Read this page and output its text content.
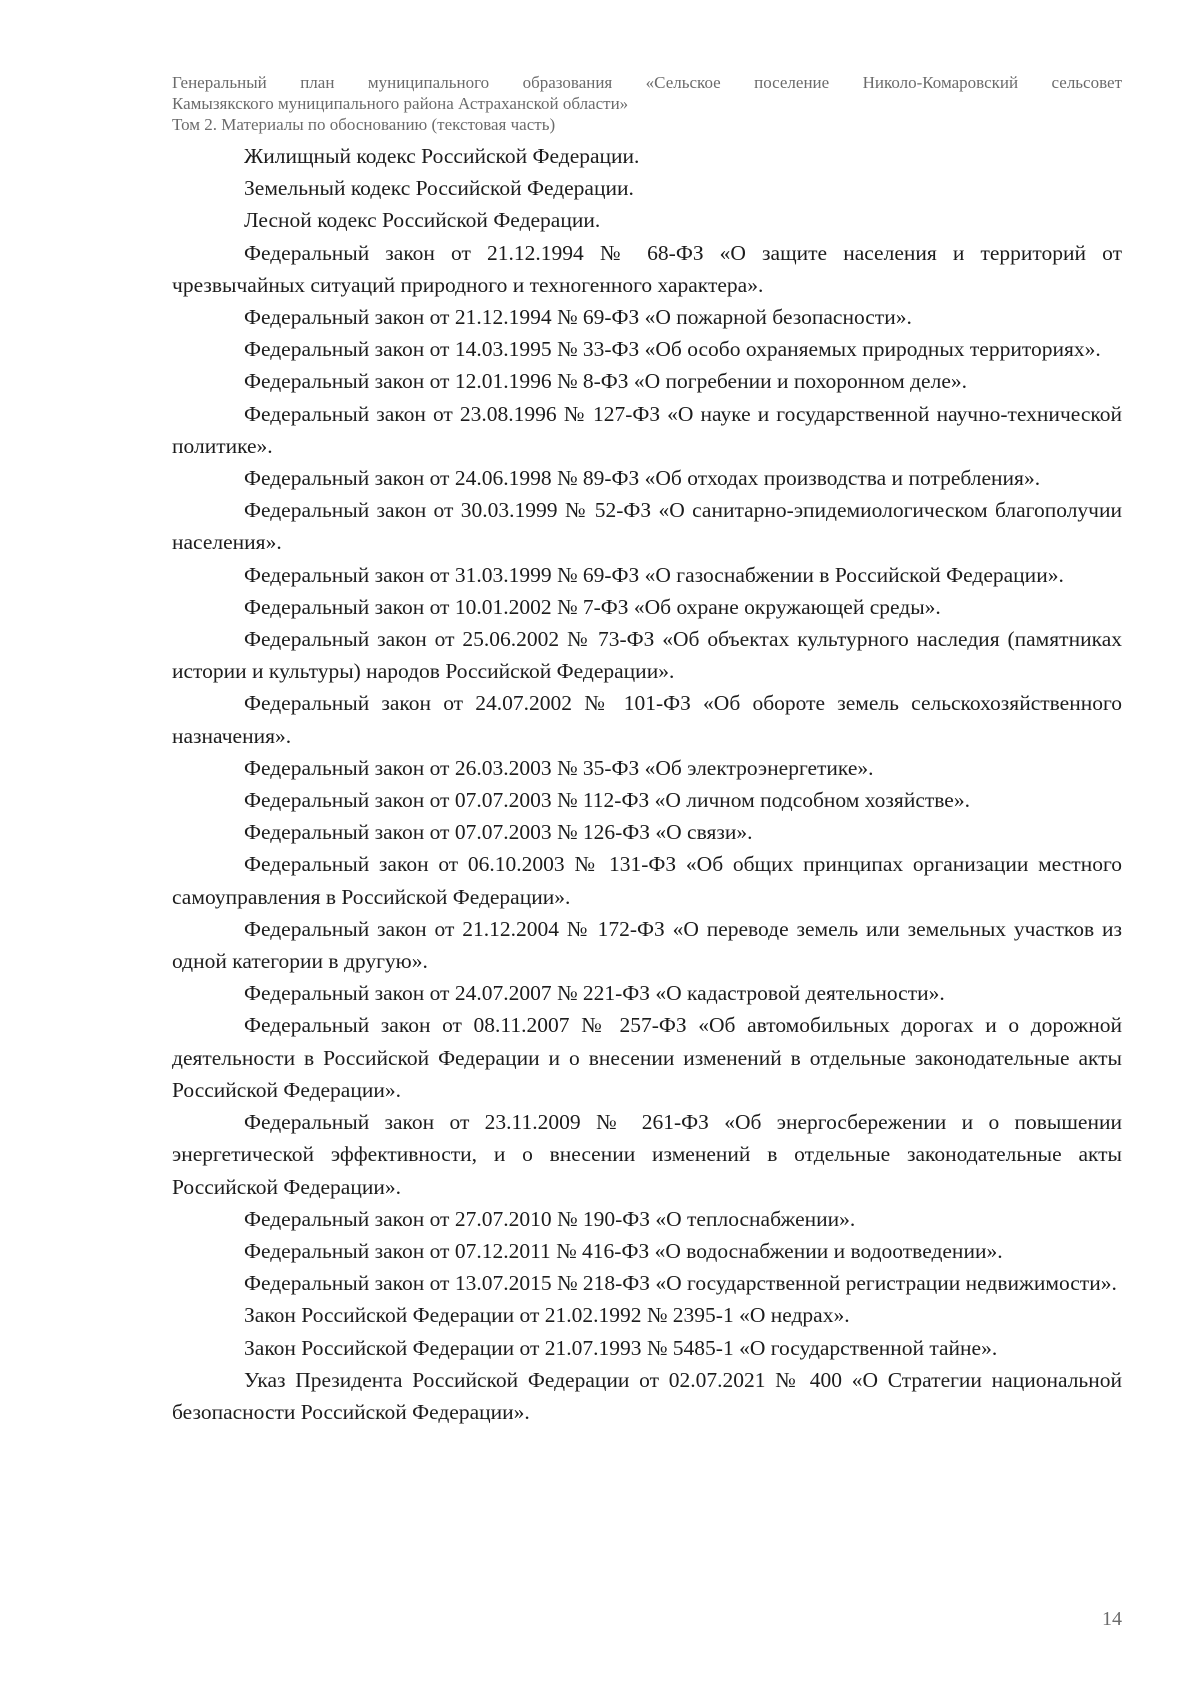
Генеральный план муниципального образования «Сельское поселение Николо-Комаровский сельсовет
Камызякского муниципального района Астраханской области»
Том 2. Материалы по обоснованию (текстовая часть)

Жилищный кодекс Российской Федерации.

Земельный кодекс Российской Федерации.

Лесной кодекс Российской Федерации.

Федеральный закон от 21.12.1994 № 68-ФЗ «О защите населения и территорий от чрезвычайных ситуаций природного и техногенного характера».

Федеральный закон от 21.12.1994 № 69-ФЗ «О пожарной безопасности».

Федеральный закон от 14.03.1995 № 33-ФЗ «Об особо охраняемых природных территориях».

Федеральный закон от 12.01.1996 № 8-ФЗ «О погребении и похоронном деле».

Федеральный закон от 23.08.1996 № 127-ФЗ «О науке и государственной научно-технической политике».

Федеральный закон от 24.06.1998 № 89-ФЗ «Об отходах производства и потребления».

Федеральный закон от 30.03.1999 № 52-ФЗ «О санитарно-эпидемиологическом благополучии населения».

Федеральный закон от 31.03.1999 № 69-ФЗ «О газоснабжении в Российской Федерации».

Федеральный закон от 10.01.2002 № 7-ФЗ «Об охране окружающей среды».

Федеральный закон от 25.06.2002 № 73-ФЗ «Об объектах культурного наследия (памятниках истории и культуры) народов Российской Федерации».

Федеральный закон от 24.07.2002 № 101-ФЗ «Об обороте земель сельскохозяйственного назначения».

Федеральный закон от 26.03.2003 № 35-ФЗ «Об электроэнергетике».

Федеральный закон от 07.07.2003 № 112-ФЗ «О личном подсобном хозяйстве».

Федеральный закон от 07.07.2003 № 126-ФЗ «О связи».

Федеральный закон от 06.10.2003 № 131-ФЗ «Об общих принципах организации местного самоуправления в Российской Федерации».

Федеральный закон от 21.12.2004 № 172-ФЗ «О переводе земель или земельных участков из одной категории в другую».

Федеральный закон от 24.07.2007 № 221-ФЗ «О кадастровой деятельности».

Федеральный закон от 08.11.2007 № 257-ФЗ «Об автомобильных дорогах и о дорожной деятельности в Российской Федерации и о внесении изменений в отдельные законодательные акты Российской Федерации».

Федеральный закон от 23.11.2009 № 261-ФЗ «Об энергосбережении и о повышении энергетической эффективности, и о внесении изменений в отдельные законодательные акты Российской Федерации».

Федеральный закон от 27.07.2010 № 190-ФЗ «О теплоснабжении».

Федеральный закон от 07.12.2011 № 416-ФЗ «О водоснабжении и водоотведении».

Федеральный закон от 13.07.2015 № 218-ФЗ «О государственной регистрации недвижимости».

Закон Российской Федерации от 21.02.1992 № 2395-1 «О недрах».

Закон Российской Федерации от 21.07.1993 № 5485-1 «О государственной тайне».

Указ Президента Российской Федерации от 02.07.2021 № 400 «О Стратегии национальной безопасности Российской Федерации».

14
